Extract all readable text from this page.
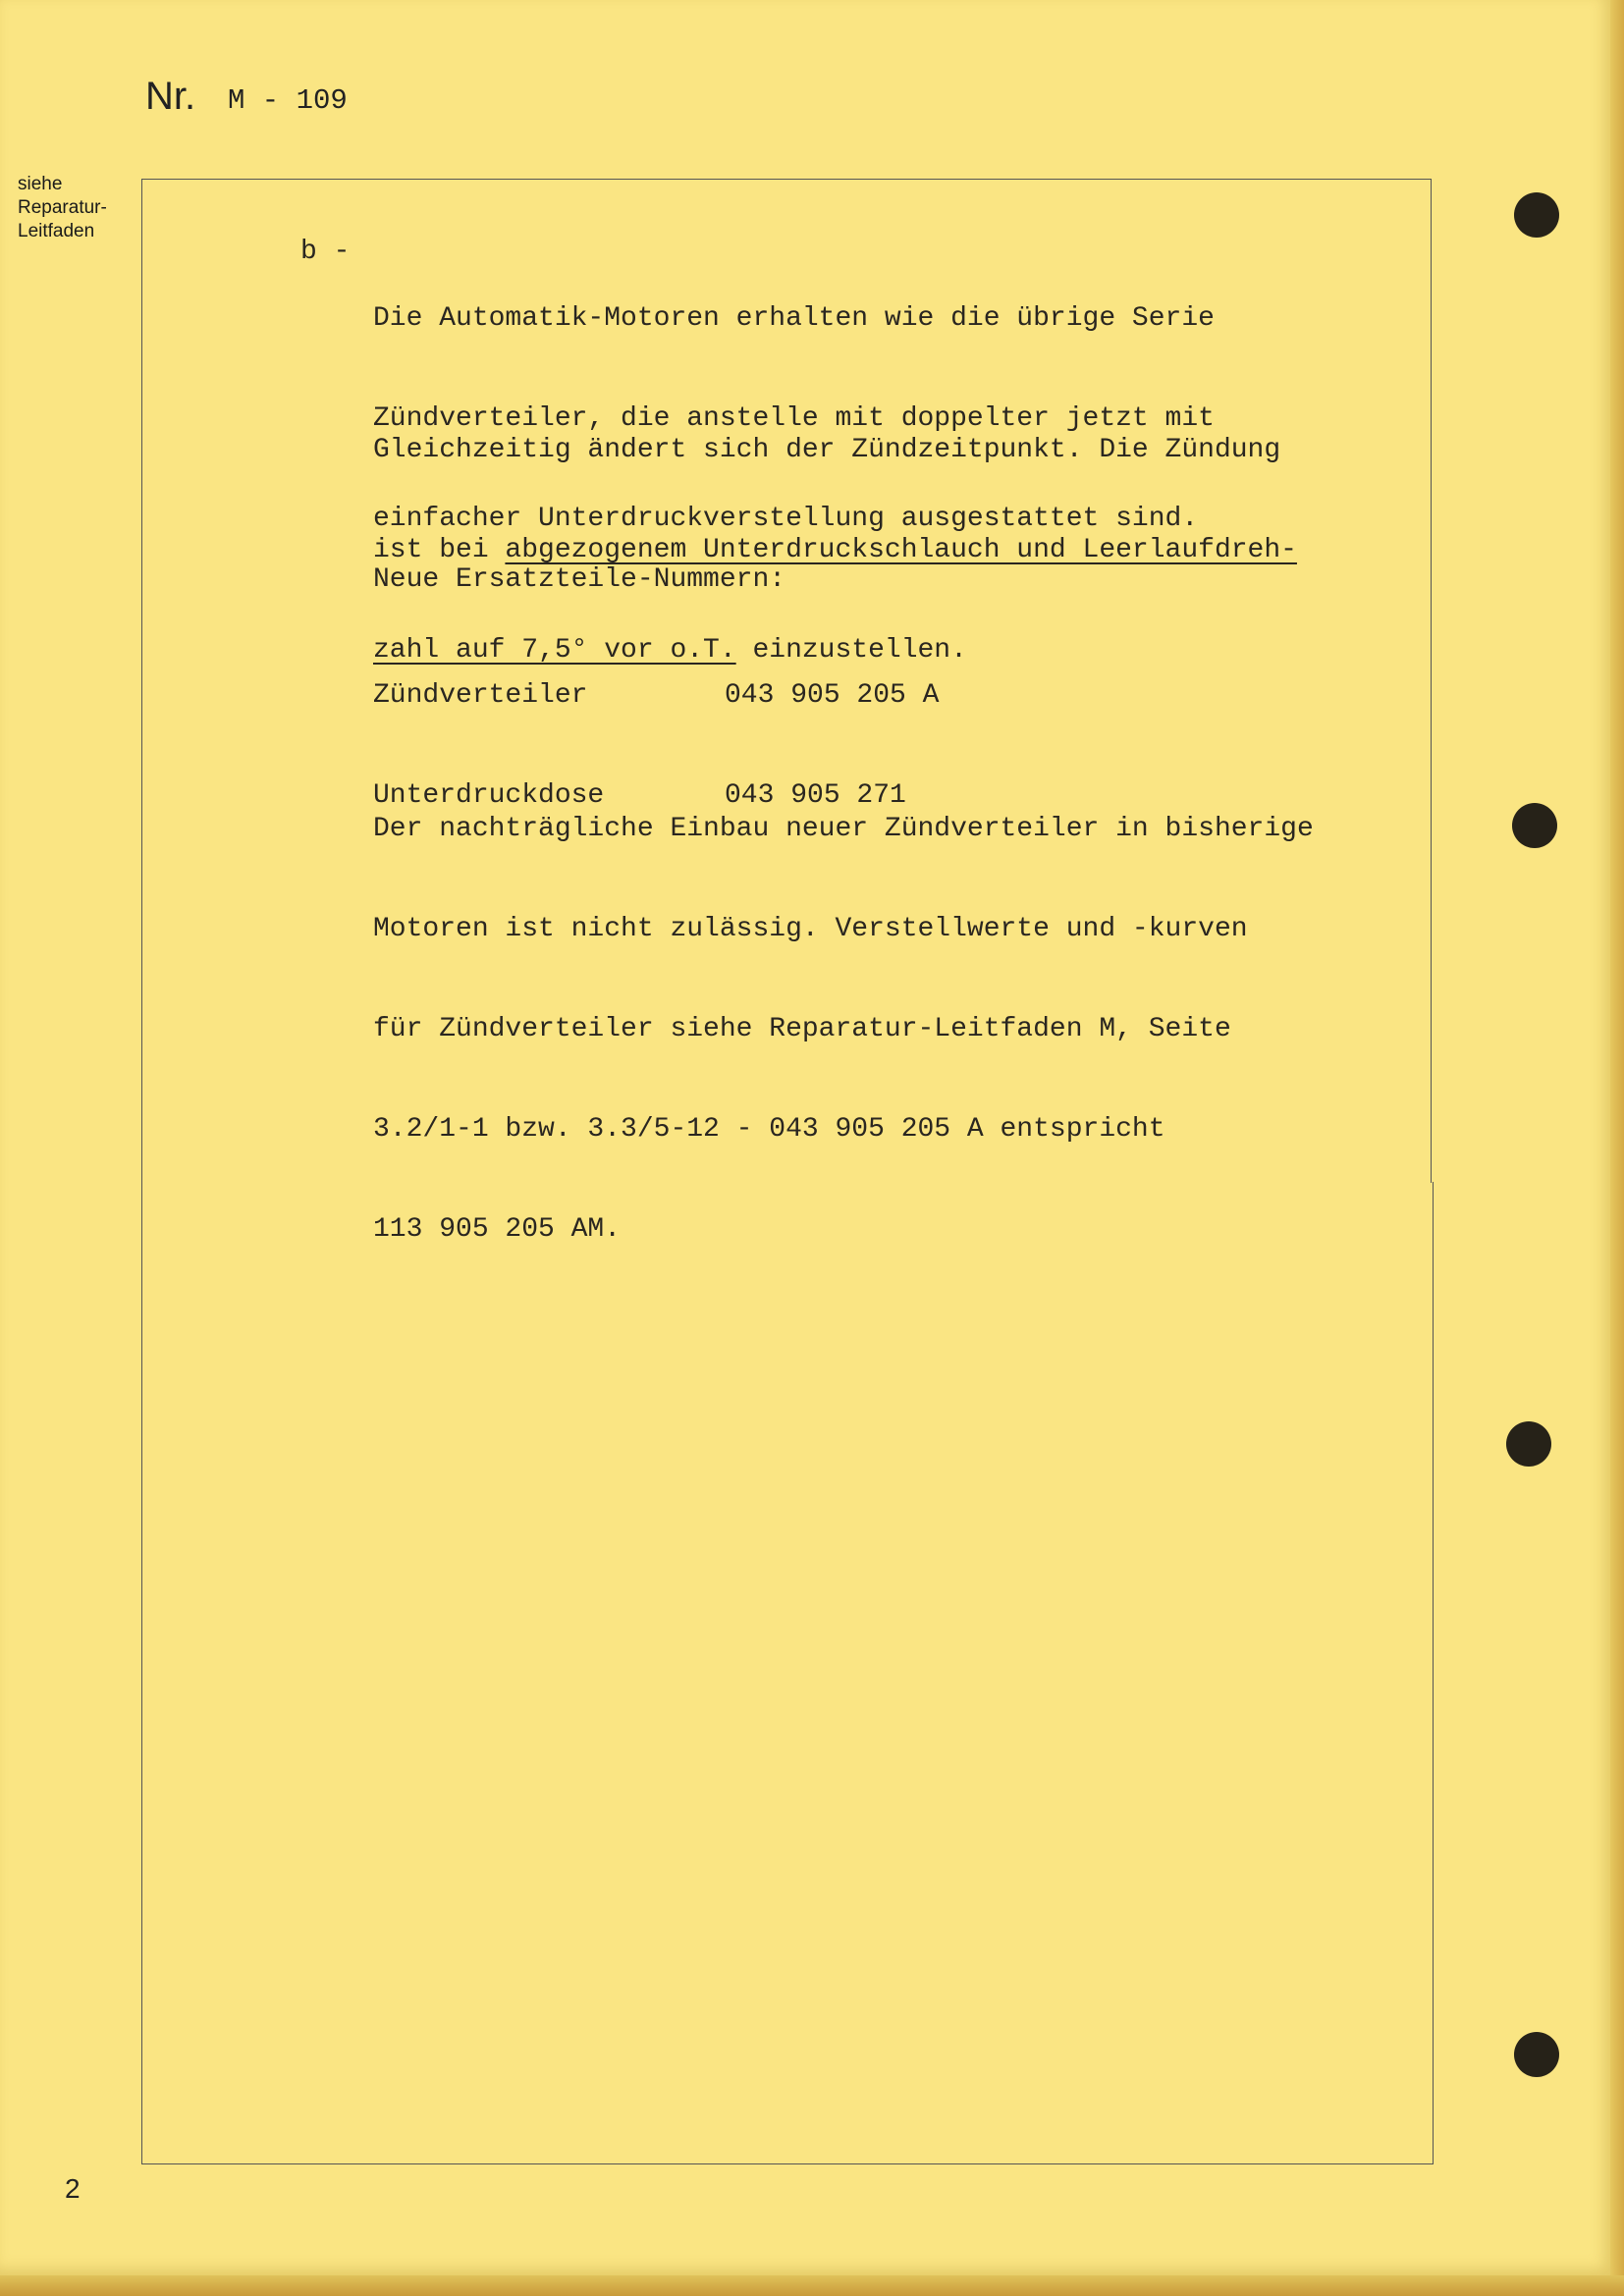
Nr. M - 109
siehe
Reparatur-
Leitfaden
b -

Die Automatik-Motoren erhalten wie die übrige Serie

Zündverteiler, die anstelle mit doppelter jetzt mit

einfacher Unterdruckverstellung ausgestattet sind.

Gleichzeitig ändert sich der Zündzeitpunkt. Die Zündung

ist bei abgezogenem Unterdruckschlauch und Leerlaufdreh-

zahl auf 7,5° vor o.T. einzustellen.

Neue Ersatzteile-Nummern:

Zündverteiler	043 905 205 A

Unterdruckdose	043 905 271

Der nachträgliche Einbau neuer Zündverteiler in bisherige

Motoren ist nicht zulässig. Verstellwerte und -kurven

für Zündverteiler siehe Reparatur-Leitfaden M, Seite

3.2/1-1 bzw. 3.3/5-12 - 043 905 205 A entspricht

113 905 205 AM.

2
